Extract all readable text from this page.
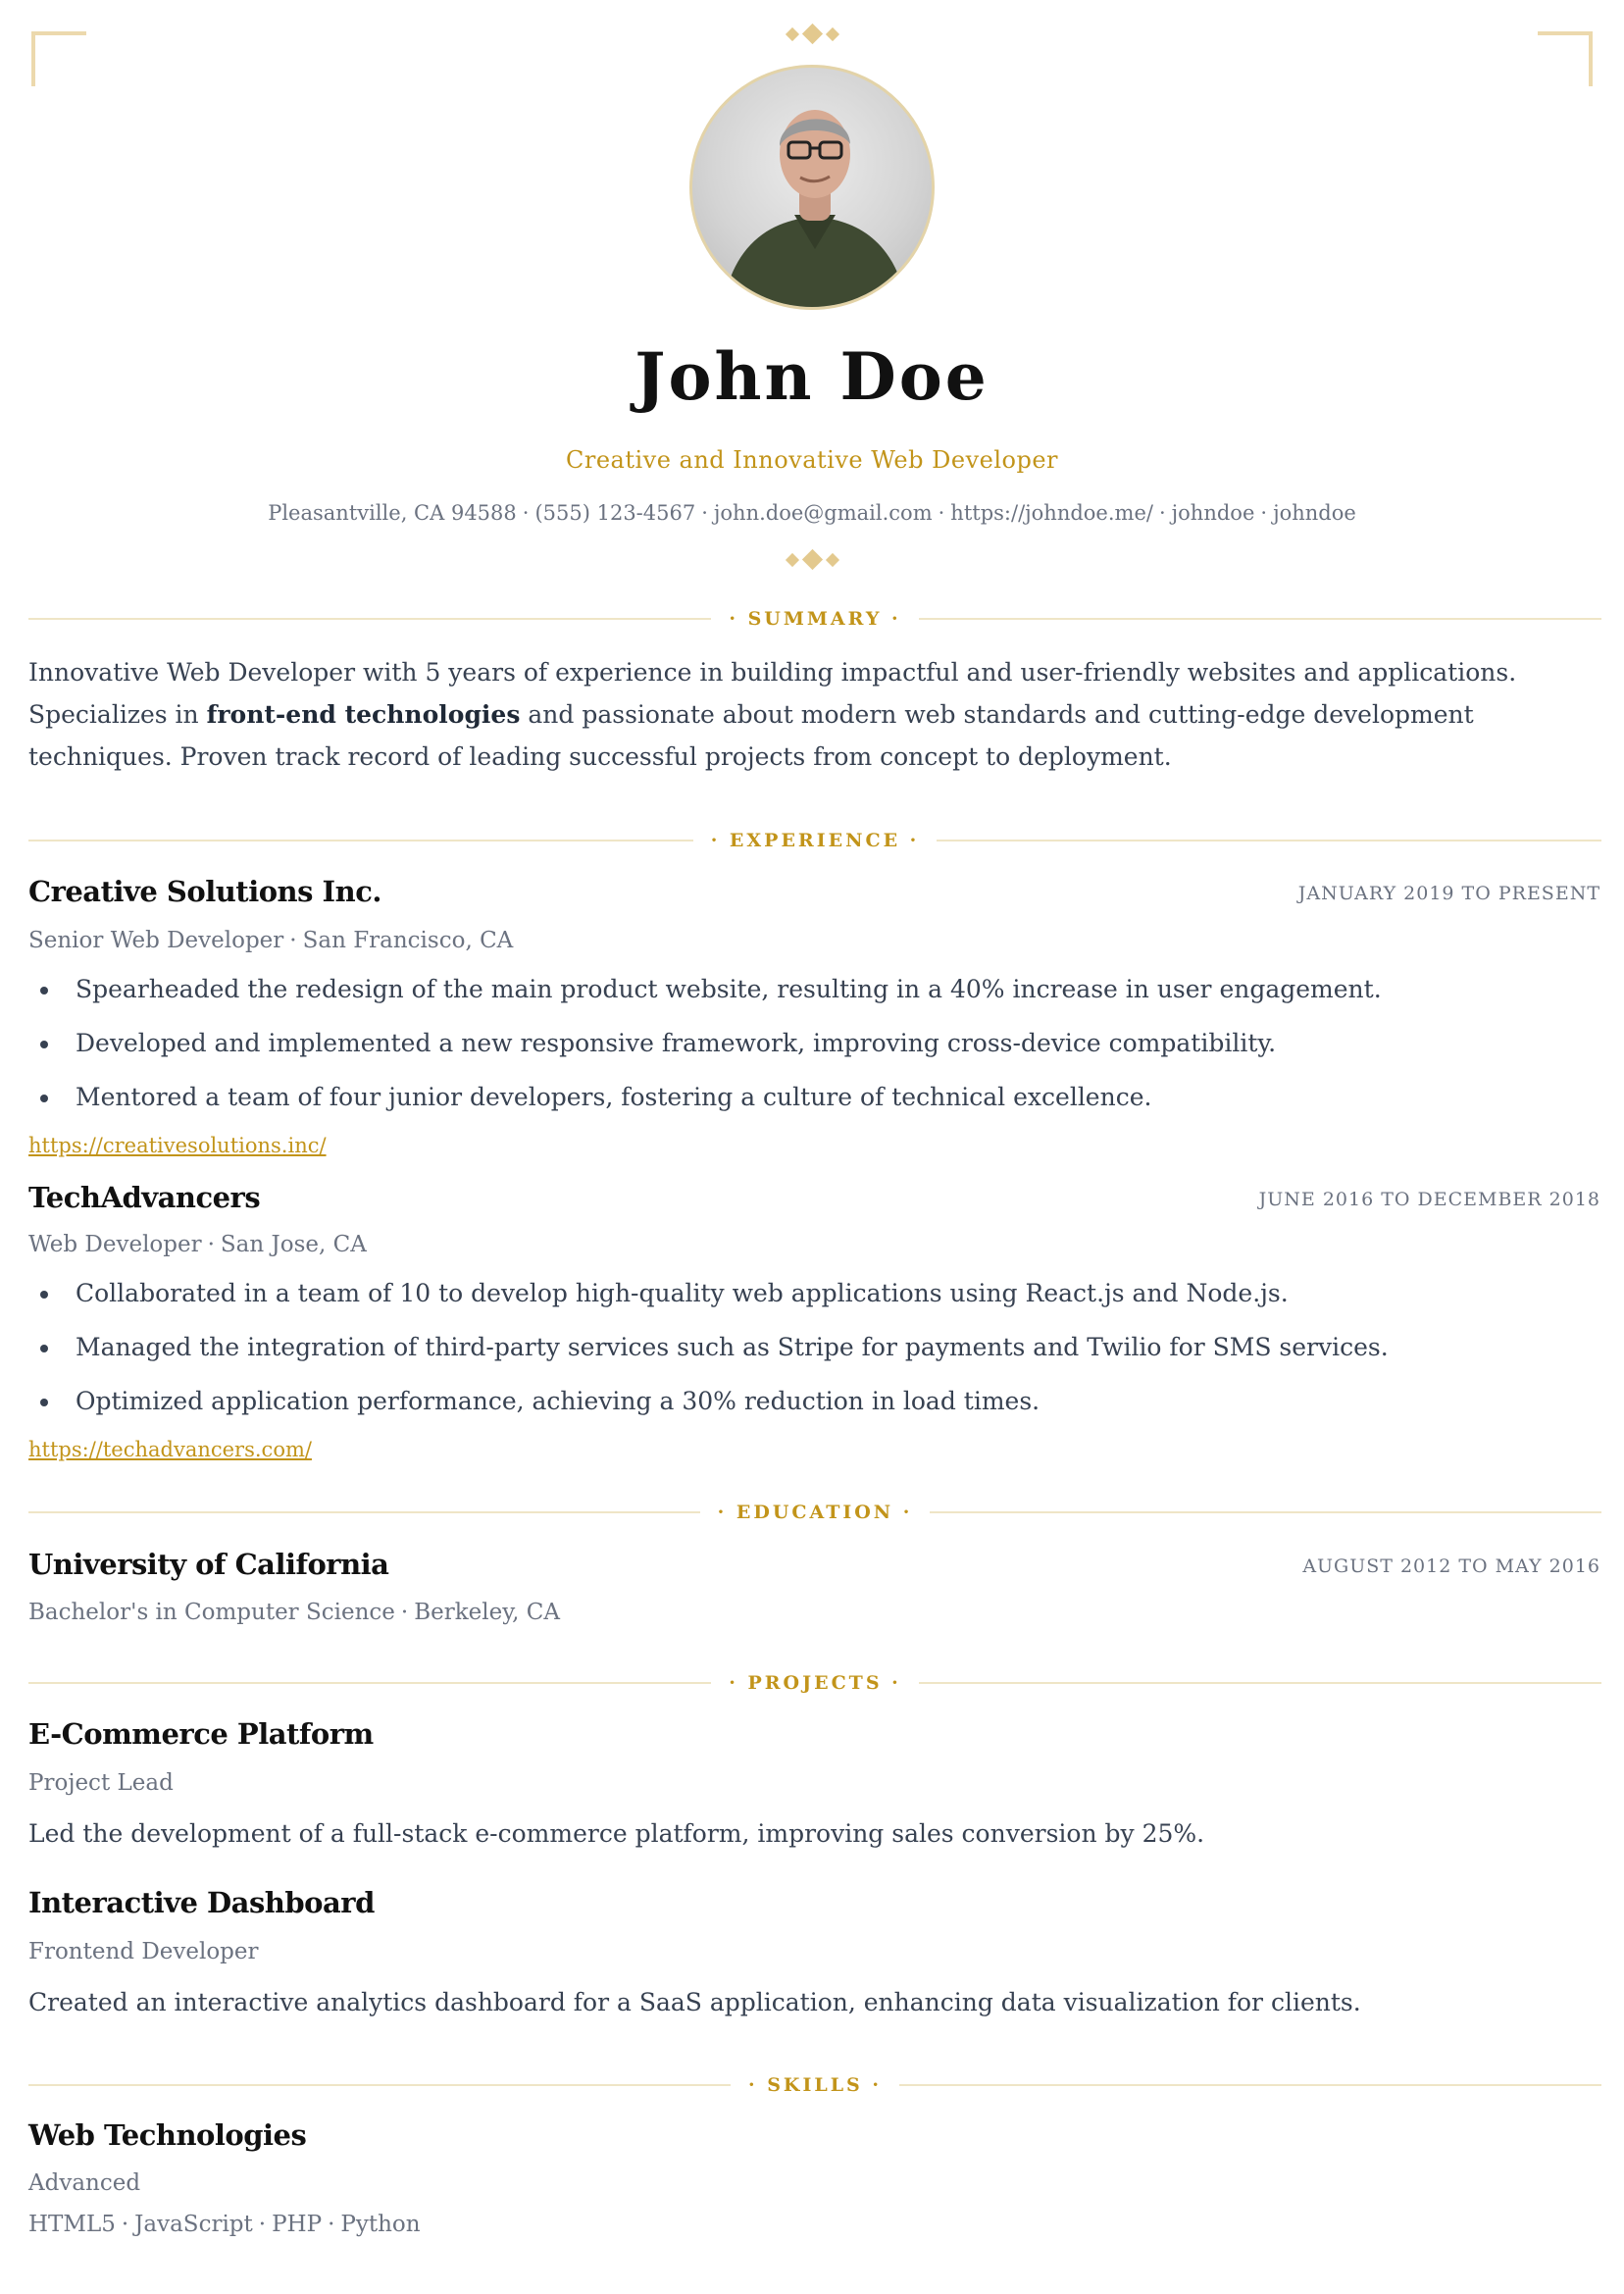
John Doe
Creative and Innovative Web Developer
Pleasantville, CA 94588 · (555) 123-4567 · john.doe@gmail.com · https://johndoe.me/ · johndoe · johndoe
· SUMMARY ·
Innovative Web Developer with 5 years of experience in building impactful and user-friendly websites and applications. Specializes in front-end technologies and passionate about modern web standards and cutting-edge development techniques. Proven track record of leading successful projects from concept to deployment.
· EXPERIENCE ·
Creative Solutions Inc.	JANUARY 2019 TO PRESENT
Senior Web Developer · San Francisco, CA
Spearheaded the redesign of the main product website, resulting in a 40% increase in user engagement.
Developed and implemented a new responsive framework, improving cross-device compatibility.
Mentored a team of four junior developers, fostering a culture of technical excellence.
https://creativesolutions.inc/
TechAdvancers	JUNE 2016 TO DECEMBER 2018
Web Developer · San Jose, CA
Collaborated in a team of 10 to develop high-quality web applications using React.js and Node.js.
Managed the integration of third-party services such as Stripe for payments and Twilio for SMS services.
Optimized application performance, achieving a 30% reduction in load times.
https://techadvancers.com/
· EDUCATION ·
University of California	AUGUST 2012 TO MAY 2016
Bachelor's in Computer Science · Berkeley, CA
· PROJECTS ·
E-Commerce Platform
Project Lead
Led the development of a full-stack e-commerce platform, improving sales conversion by 25%.
Interactive Dashboard
Frontend Developer
Created an interactive analytics dashboard for a SaaS application, enhancing data visualization for clients.
· SKILLS ·
Web Technologies
Advanced
HTML5 · JavaScript · PHP · Python
